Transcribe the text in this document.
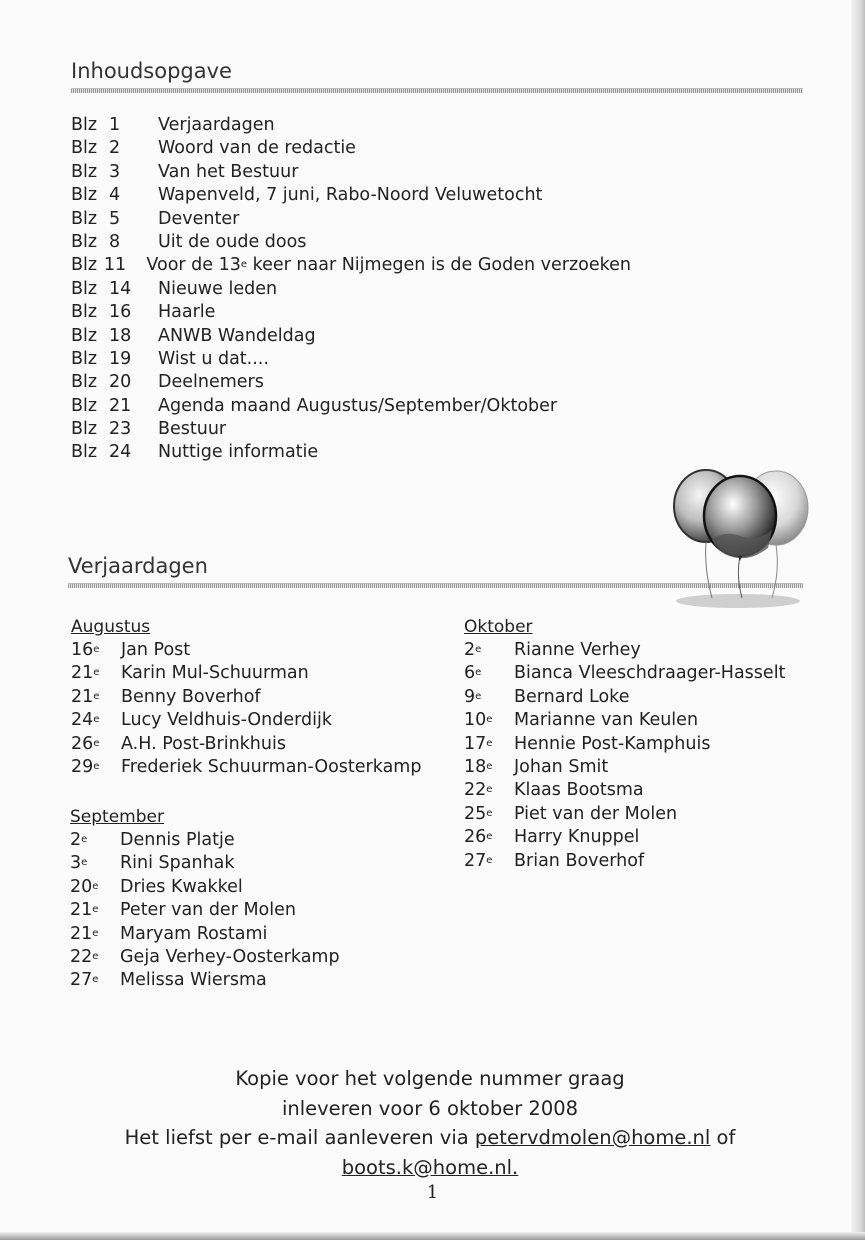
Inhoudsopgave
Blz 1	Verjaardagen
Blz 2	Woord van de redactie
Blz 3	Van het Bestuur
Blz 4	Wapenveld, 7 juni, Rabo-Noord Veluwetocht
Blz 5	Deventer
Blz 8	Uit de oude doos
Blz 11	Voor de 13e keer naar Nijmegen is de Goden verzoeken
Blz 14	Nieuwe leden
Blz 16	Haarle
Blz 18	ANWB Wandeldag
Blz 19	Wist u dat....
Blz 20	Deelnemers
Blz 21	Agenda maand Augustus/September/Oktober
Blz 23	Bestuur
Blz 24	Nuttige informatie
Verjaardagen
Augustus
16e	Jan Post
21e	Karin Mul-Schuurman
21e	Benny Boverhof
24e	Lucy Veldhuis-Onderdijk
26e	A.H. Post-Brinkhuis
29e	Frederiek Schuurman-Oosterkamp
September
2e	Dennis Platje
3e	Rini Spanhak
20e	Dries Kwakkel
21e	Peter van der Molen
21e	Maryam Rostami
22e	Geja Verhey-Oosterkamp
27e	Melissa Wiersma
Oktober
2e	Rianne Verhey
6e	Bianca Vleeschdraager-Hasselt
9e	Bernard Loke
10e	Marianne van Keulen
17e	Hennie Post-Kamphuis
18e	Johan Smit
22e	Klaas Bootsma
25e	Piet van der Molen
26e	Harry Knuppel
27e	Brian Boverhof
Kopie voor het volgende nummer graag
inleveren voor 6 oktober 2008
Het liefst per e-mail aanleveren via petervdmolen@home.nl of
boots.k@home.nl.
1
